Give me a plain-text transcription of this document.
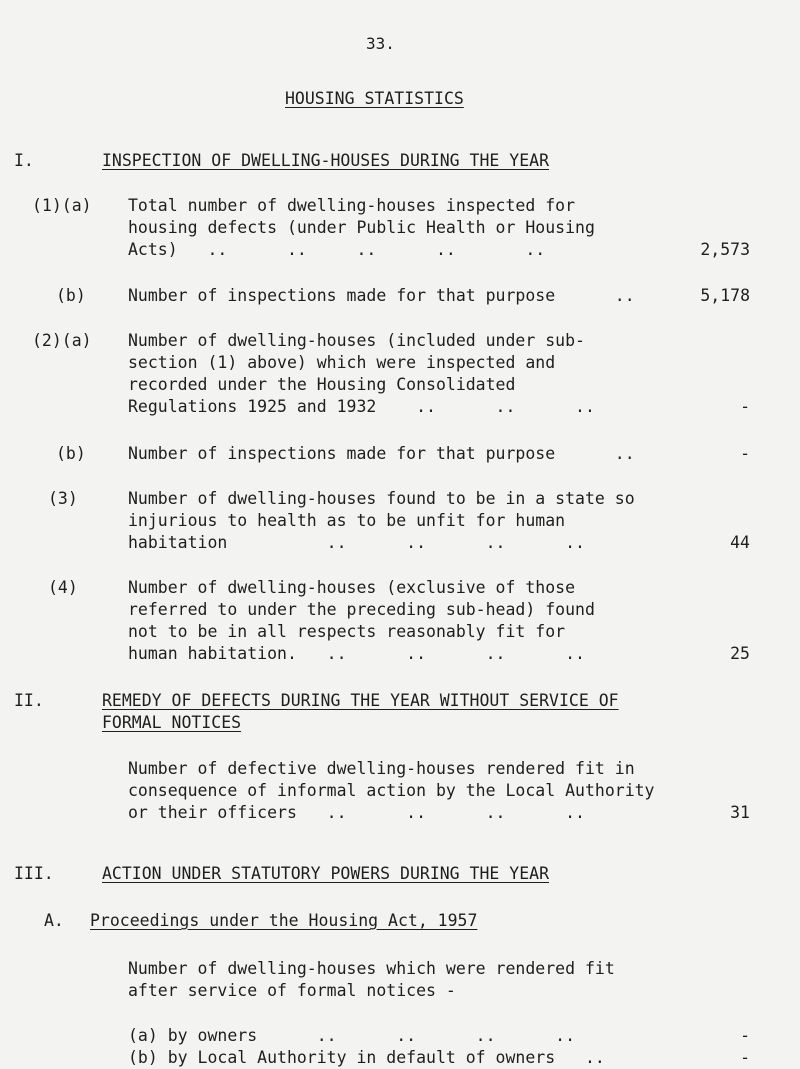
33.
HOUSING STATISTICS
I.	INSPECTION OF DWELLING-HOUSES DURING THE YEAR
(1)(a) Total number of dwelling-houses inspected for
housing defects (under Public Health or Housing
Acts)   ..      ..     ..      ..       ..	2,573
(b)	Number of inspections made for that purpose      ..	5,178
(2)(a) Number of dwelling-houses (included under sub-
section (1) above) which were inspected and
recorded under the Housing Consolidated
Regulations 1925 and 1932    ..      ..      ..	-
(b)	Number of inspections made for that purpose      ..	-
(3)	Number of dwelling-houses found to be in a state so
injurious to health as to be unfit for human
habitation          ..      ..      ..      ..	44
(4)	Number of dwelling-houses (exclusive of those
referred to under the preceding sub-head) found
not to be in all respects reasonably fit for
human habitation.   ..      ..      ..      ..	25
II.	REMEDY OF DEFECTS DURING THE YEAR WITHOUT SERVICE OF
FORMAL NOTICES
Number of defective dwelling-houses rendered fit in
consequence of informal action by the Local Authority
or their officers   ..      ..      ..      ..	31
III.	ACTION UNDER STATUTORY POWERS DURING THE YEAR
A. Proceedings under the Housing Act, 1957
Number of dwelling-houses which were rendered fit
after service of formal notices -
(a) by owners      ..      ..      ..      ..	-
(b) by Local Authority in default of owners   ..	-
